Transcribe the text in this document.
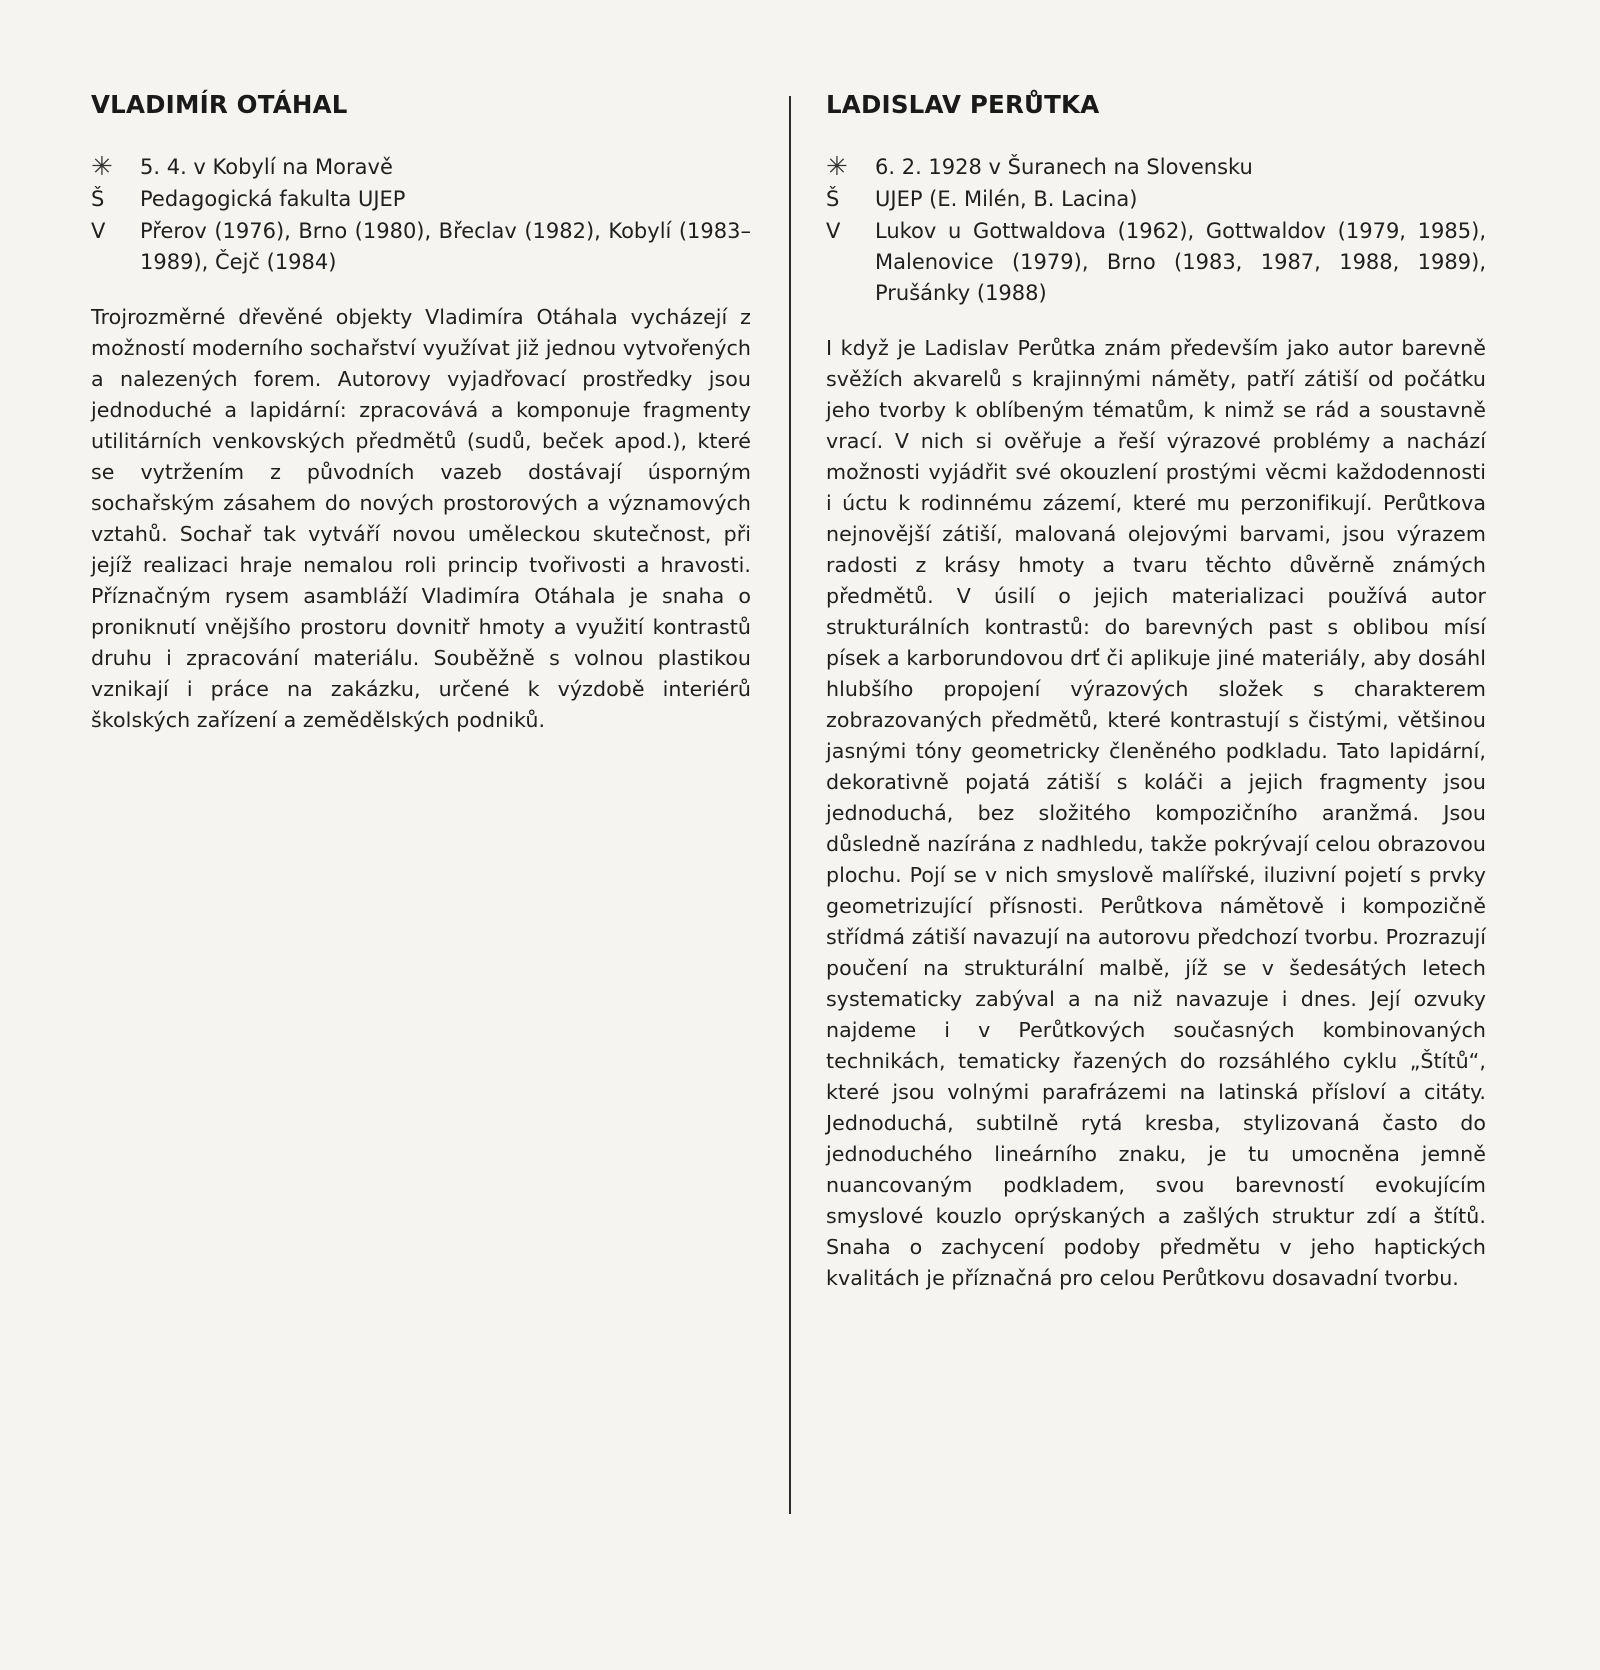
VLADIMÍR OTÁHAL
✳	5. 4. v Kobylí na Moravě
Š	Pedagogická fakulta UJEP
V	Přerov (1976), Brno (1980), Břeclav (1982), Kobylí (1983–1989), Čejč (1984)

Trojrozměrné dřevěné objekty Vladimíra Otáhala vycházejí z možností moderního sochařství využívat již jednou vytvořených a nalezených forem. Autorovy vyjadřovací prostředky jsou jednoduché a lapidární: zpracovává a komponuje fragmenty utilitárních venkovských předmětů (sudů, beček apod.), které se vytržením z původních vazeb dostávají úsporným sochařským zásahem do nových prostorových a významových vztahů. Sochař tak vytváří novou uměleckou skutečnost, při jejíž realizaci hraje nemalou roli princip tvořivosti a hravosti. Příznačným rysem asambláží Vladimíra Otáhala je snaha o proniknutí vnějšího prostoru dovnitř hmoty a využití kontrastů druhu i zpracování materiálu. Souběžně s volnou plastikou vznikají i práce na zakázku, určené k výzdobě interiérů školských zařízení a zemědělských podniků.

LADISLAV PERŮTKA
✳	6. 2. 1928 v Šuranech na Slovensku
Š	UJEP (E. Milén, B. Lacina)
V	Lukov u Gottwaldova (1962), Gottwaldov (1979, 1985), Malenovice (1979), Brno (1983, 1987, 1988, 1989), Prušánky (1988)

I když je Ladislav Perůtka znám především jako autor barevně svěžích akvarelů s krajinnými náměty, patří zátiší od počátku jeho tvorby k oblíbeným tématům, k nimž se rád a soustavně vrací. V nich si ověřuje a řeší výrazové problémy a nachází možnosti vyjádřit své okouzlení prostými věcmi každodennosti i úctu k rodinnému zázemí, které mu perzonifikují. Perůtkova nejnovější zátiší, malovaná olejovými barvami, jsou výrazem radosti z krásy hmoty a tvaru těchto důvěrně známých předmětů. V úsilí o jejich materializaci používá autor strukturálních kontrastů: do barevných past s oblibou mísí písek a karborundovou drť či aplikuje jiné materiály, aby dosáhl hlubšího propojení výrazových složek s charakterem zobrazovaných předmětů, které kontrastují s čistými, většinou jasnými tóny geometricky členěného podkladu. Tato lapidární, dekorativně pojatá zátiší s koláči a jejich fragmenty jsou jednoduchá, bez složitého kompozičního aranžmá. Jsou důsledně nazírána z nadhledu, takže pokrývají celou obrazovou plochu. Pojí se v nich smyslově malířské, iluzivní pojetí s prvky geometrizující přísnosti. Perůtkova námětově i kompozičně střídmá zátiší navazují na autorovu předchozí tvorbu. Prozrazují poučení na strukturální malbě, jíž se v šedesátých letech systematicky zabýval a na niž navazuje i dnes. Její ozvuky najdeme i v Perůtkových současných kombinovaných technikách, tematicky řazených do rozsáhlého cyklu „Štítů“, které jsou volnými parafrázemi na latinská přísloví a citáty. Jednoduchá, subtilně rytá kresba, stylizovaná často do jednoduchého lineárního znaku, je tu umocněna jemně nuancovaným podkladem, svou barevností evokujícím smyslové kouzlo oprýskaných a zašlých struktur zdí a štítů. Snaha o zachycení podoby předmětu v jeho haptických kvalitách je příznačná pro celou Perůtkovu dosavadní tvorbu.
